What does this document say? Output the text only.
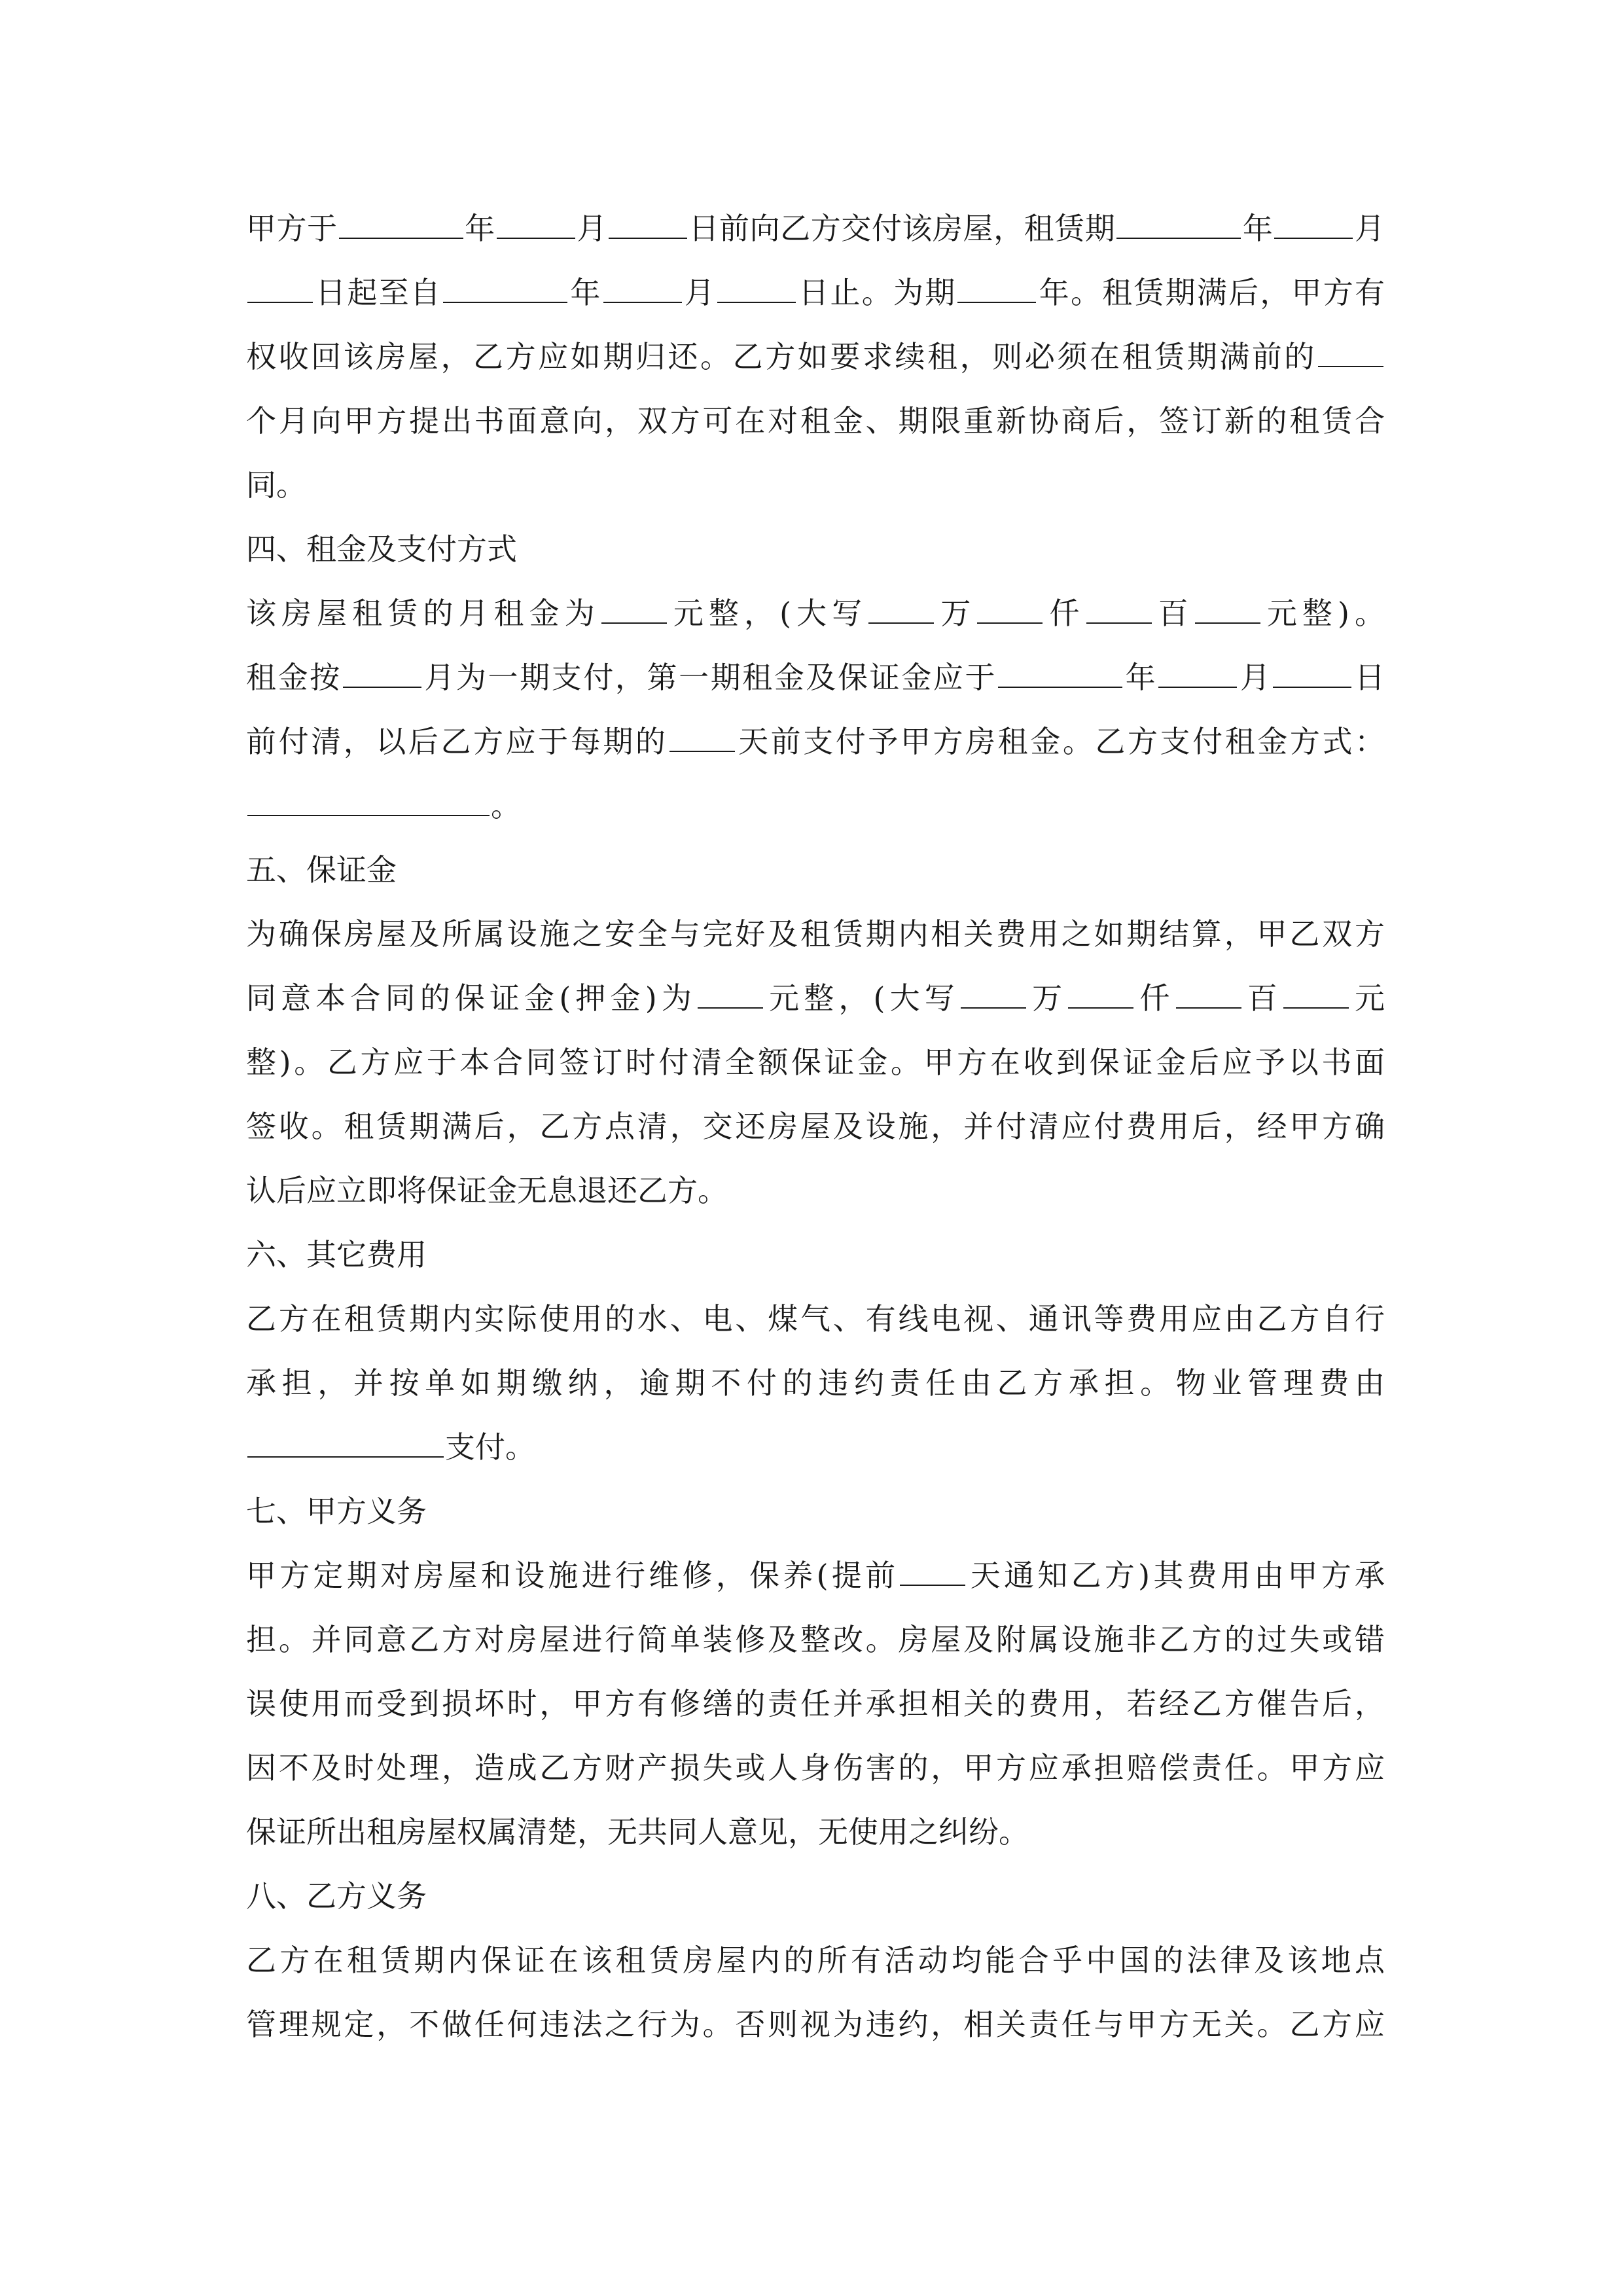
甲方于	年	月	日前向乙方交付该房屋，租赁期	年	月
日起至自	年	月	日止。为期	年。租赁期满后，甲方有
权收回该房屋，乙方应如期归还。乙方如要求续租，则必须在租赁期满前的
个月向甲方提出书面意向，双方可在对租金、期限重新协商后，签订新的租赁合
同。
四、租金及支付方式
该房屋租赁的月租金为 元整，(大写 万 仟 百 元整)。
租金按	月为一期支付，第一期租金及保证金应于	年	月	日
前付清，以后乙方应于每期的 天前支付予甲方房租金。乙方支付租金方式：
。
五、保证金
为确保房屋及所属设施之安全与完好及租赁期内相关费用之如期结算，甲乙双方
同意本合同的保证金(押金)为 元整，(大写 万 仟 百 元
整)。乙方应于本合同签订时付清全额保证金。甲方在收到保证金后应予以书面
签收。租赁期满后，乙方点清，交还房屋及设施，并付清应付费用后，经甲方确
认后应立即将保证金无息退还乙方。
六、其它费用
乙方在租赁期内实际使用的水、电、煤气、有线电视、通讯等费用应由乙方自行
承担，并按单如期缴纳，逾期不付的违约责任由乙方承担。物业管理费由
支付。
七、甲方义务
甲方定期对房屋和设施进行维修，保养(提前 天通知乙方)其费用由甲方承
担。并同意乙方对房屋进行简单装修及整改。房屋及附属设施非乙方的过失或错
误使用而受到损坏时，甲方有修缮的责任并承担相关的费用，若经乙方催告后，
因不及时处理，造成乙方财产损失或人身伤害的，甲方应承担赔偿责任。甲方应
保证所出租房屋权属清楚，无共同人意见，无使用之纠纷。
八、乙方义务
乙方在租赁期内保证在该租赁房屋内的所有活动均能合乎中国的法律及该地点
管理规定，不做任何违法之行为。否则视为违约，相关责任与甲方无关。乙方应
